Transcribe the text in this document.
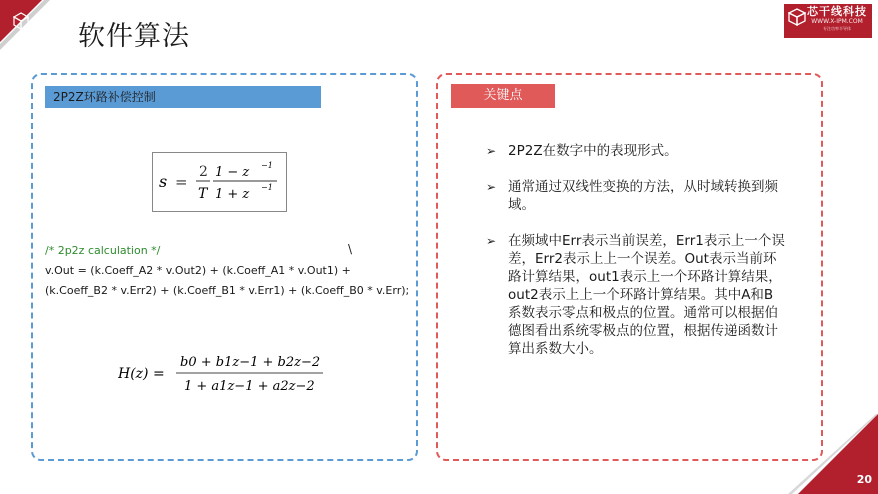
20
软件算法
芯干线科技
WWW.X-IPM.COM
专注功率半导体
2P2Z环路补偿控制
s =
2
T
1 − z −1
1 + z −1
/* 2p2z calculation */	\
v.Out = (k.Coeff_A2 * v.Out2) + (k.Coeff_A1 * v.Out1) +
(k.Coeff_B2 * v.Err2) + (k.Coeff_B1 * v.Err1) + (k.Coeff_B0 * v.Err);
H(z) =
b0 + b1z−1 + b2z−2
1 + a1z−1 + a2z−2
关键点
➢ 2P2Z在数字中的表现形式。
➢ 通常通过双线性变换的方法，从时域转换到频域。
➢ 在频域中Err表示当前误差，Err1表示上一个误差，Err2表示上上一个误差。Out表示当前环路计算结果，out1表示上一个环路计算结果，out2表示上上一个环路计算结果。其中A和B系数表示零点和极点的位置。通常可以根据伯德图看出系统零极点的位置，根据传递函数计算出系数大小。
